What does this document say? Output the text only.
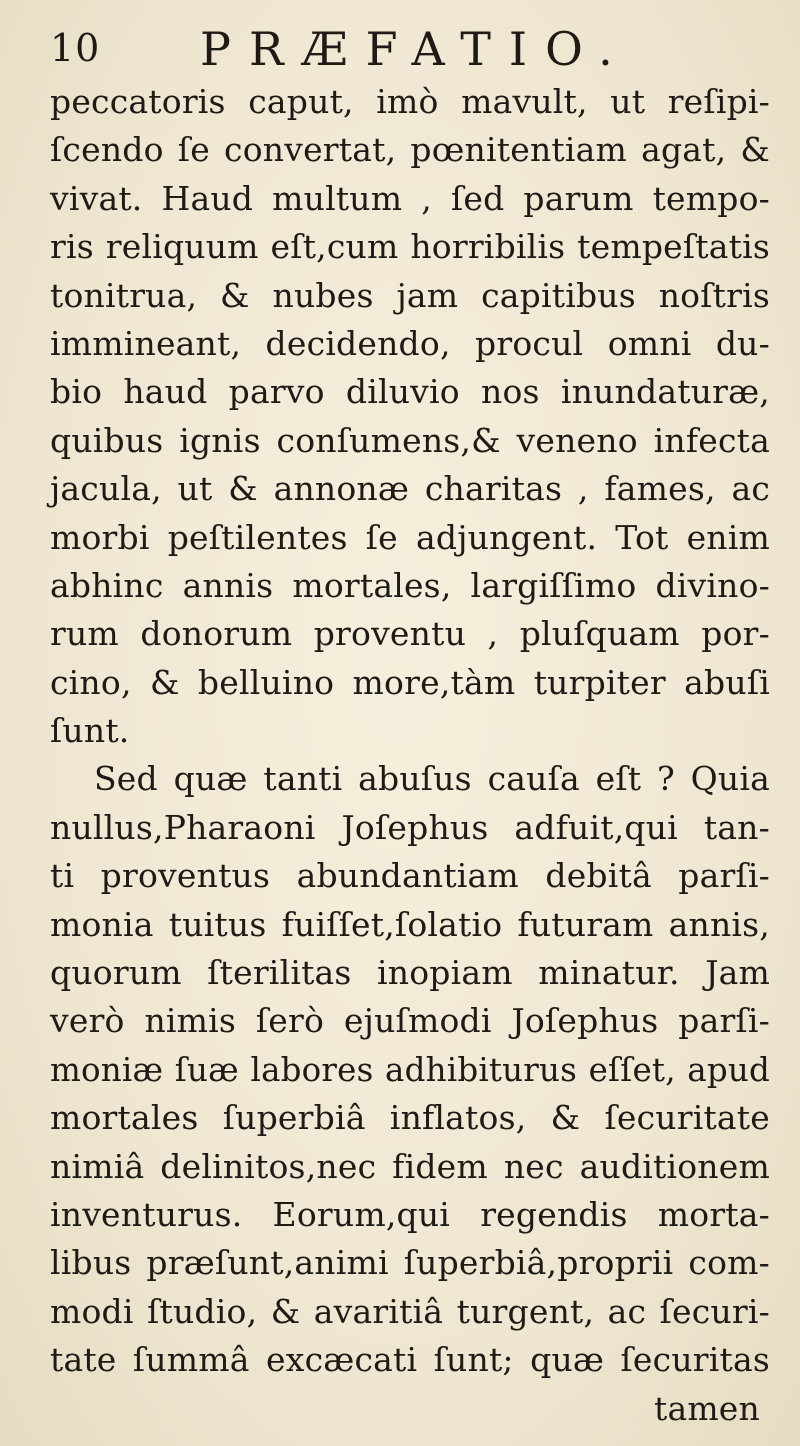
10 PRÆFATIO.
peccatoris caput, imò mavult, ut reſipi-
ſcendo ſe convertat, pœnitentiam agat, &
vivat. Haud multum , ſed parum tempo-
ris reliquum eſt,cum horribilis tempeſtatis
tonitrua, & nubes jam capitibus noſtris
immineant, decidendo, procul omni du-
bio haud parvo diluvio nos inundaturæ,
quibus ignis conſumens,& veneno infecta
jacula, ut & annonæ charitas , fames, ac
morbi peſtilentes ſe adjungent. Tot enim
abhinc annis mortales, largiſſimo divino-
rum donorum proventu , pluſquam por-
cino, & belluino more,tàm turpiter abuſi
ſunt.
Sed quæ tanti abuſus cauſa eſt ? Quia
nullus,Pharaoni Joſephus adfuit,qui tan-
ti proventus abundantiam debitâ parſi-
monia tuitus fuiſſet,ſolatio futuram annis,
quorum ſterilitas inopiam minatur. Jam
verò nimis ſerò ejuſmodi Joſephus parſi-
moniæ ſuæ labores adhibiturus eſſet, apud
mortales ſuperbiâ inflatos, & ſecuritate
nimiâ delinitos,nec fidem nec auditionem
inventurus. Eorum,qui regendis morta-
libus præſunt,animi ſuperbiâ,proprii com-
modi ſtudio, & avaritiâ turgent, ac ſecuri-
tate ſummâ excæcati ſunt; quæ ſecuritas
tamen
